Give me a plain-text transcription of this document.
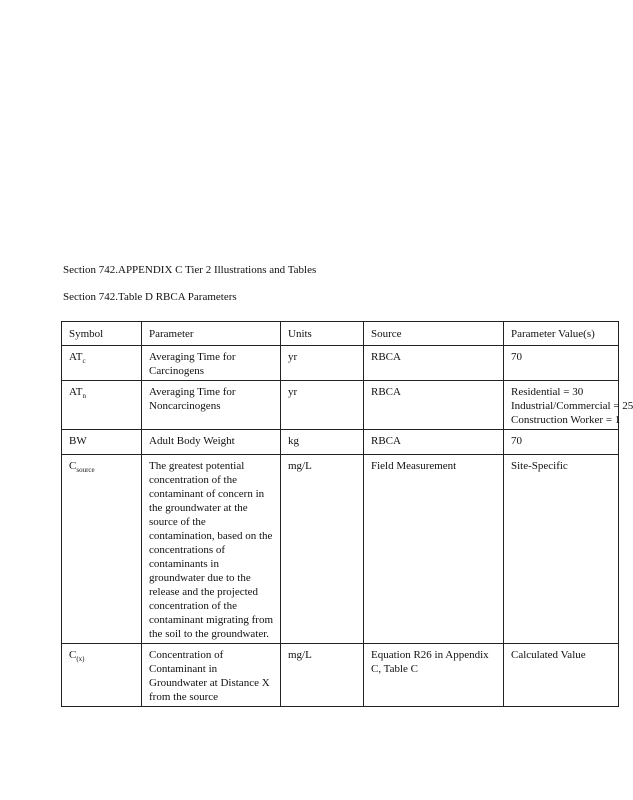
Section 742.APPENDIX C Tier 2 Illustrations and Tables
Section 742.Table D RBCA Parameters
Symbol	Parameter	Units	Source	Parameter Value(s)
$AT_c$	Averaging Time for Carcinogens	yr	RBCA	70

$AT_n$	Averaging Time for Noncarcinogens	yr	RBCA	Residential = 30
Industrial/Commercial = 25
Construction Worker = 1

BW	Adult Body Weight	kg	RBCA	70

$C_{source}$	The greatest potential concentration of the contaminant of concern in the groundwater at the source of the contamination, based on the concentrations of contaminants in groundwater due to the release and the projected concentration of the contaminant migrating from the soil to the groundwater.	mg/L	Field Measurement	Site-Specific

$C_{(x)}$	Concentration of Contaminant in Groundwater at Distance X from the source	mg/L	Equation R26 in Appendix C, Table C	Calculated Value
